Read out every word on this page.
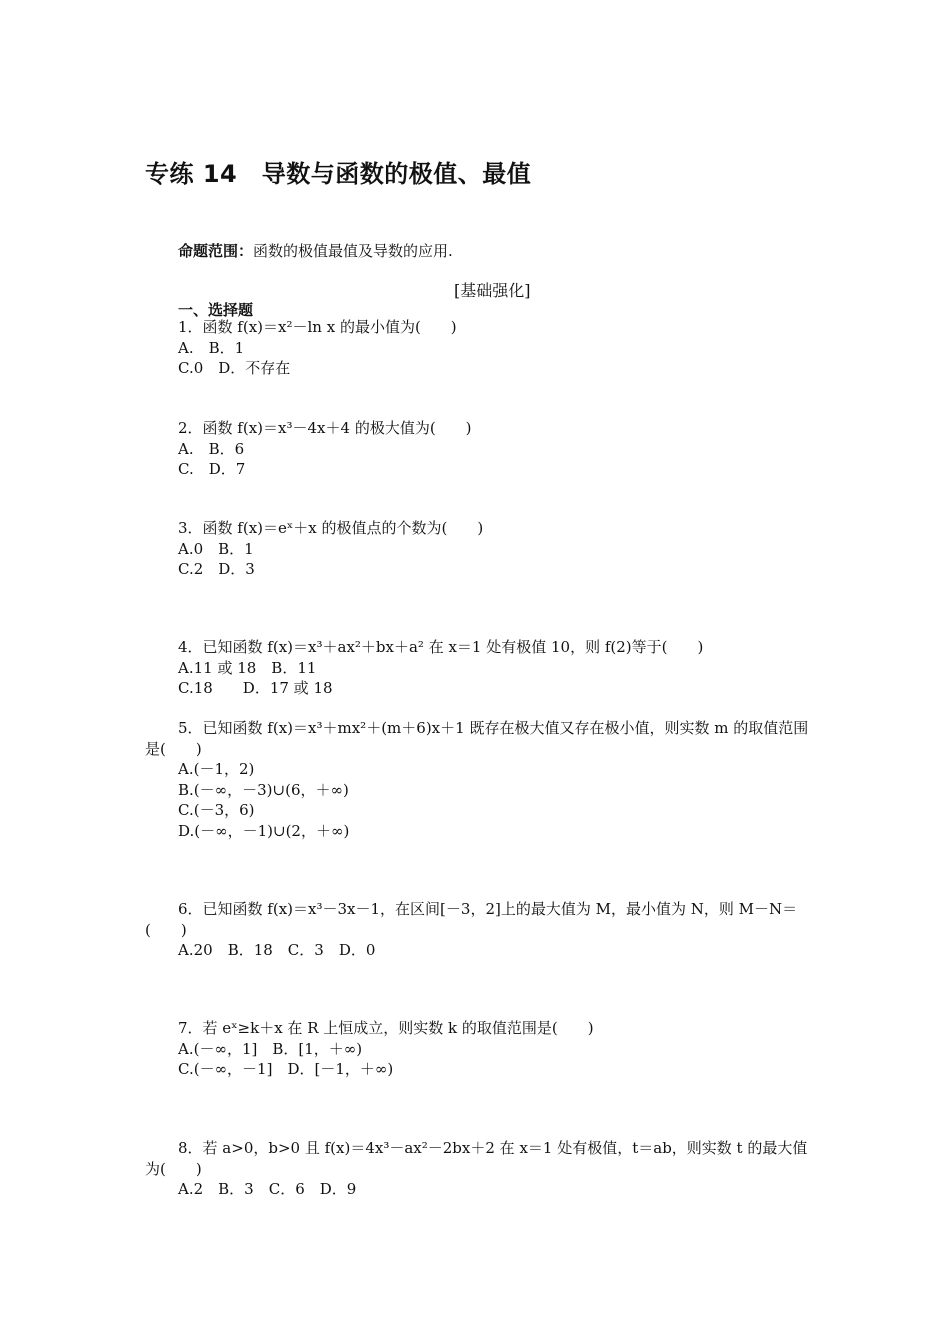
专练 14　导数与函数的极值、最值
命题范围：函数的极值最值及导数的应用.
[基础强化]
一、选择题
1．函数 f(x)＝x²－ln x 的最小值为(　　)
A.　B．1
C.0　D．不存在
2．函数 f(x)＝x³－4x＋4 的极大值为(　　)
A.　B．6
C.　D．7
3．函数 f(x)＝eˣ＋x 的极值点的个数为(　　)
A.0　B．1
C.2　D．3
4．已知函数 f(x)＝x³＋ax²＋bx＋a² 在 x＝1 处有极值 10，则 f(2)等于(　　)
A.11 或 18　B．11
C.18　　D．17 或 18
5．已知函数 f(x)＝x³＋mx²＋(m＋6)x＋1 既存在极大值又存在极小值，则实数 m 的取值范围是(　　)
A.(－1，2)
B.(－∞，－3)∪(6，＋∞)
C.(－3，6)
D.(－∞，－1)∪(2，＋∞)
6．已知函数 f(x)＝x³－3x－1，在区间[－3，2]上的最大值为 M，最小值为 N，则 M－N＝(　　)
A.20　B．18　C．3　D．0
7．若 eˣ≥k＋x 在 R 上恒成立，则实数 k 的取值范围是(　　)
A.(－∞，1]　B．[1，＋∞)
C.(－∞，－1]　D．[－1，＋∞)
8．若 a>0，b>0 且 f(x)＝4x³－ax²－2bx＋2 在 x＝1 处有极值，t＝ab，则实数 t 的最大值为(　　)
A.2　B．3　C．6　D．9
